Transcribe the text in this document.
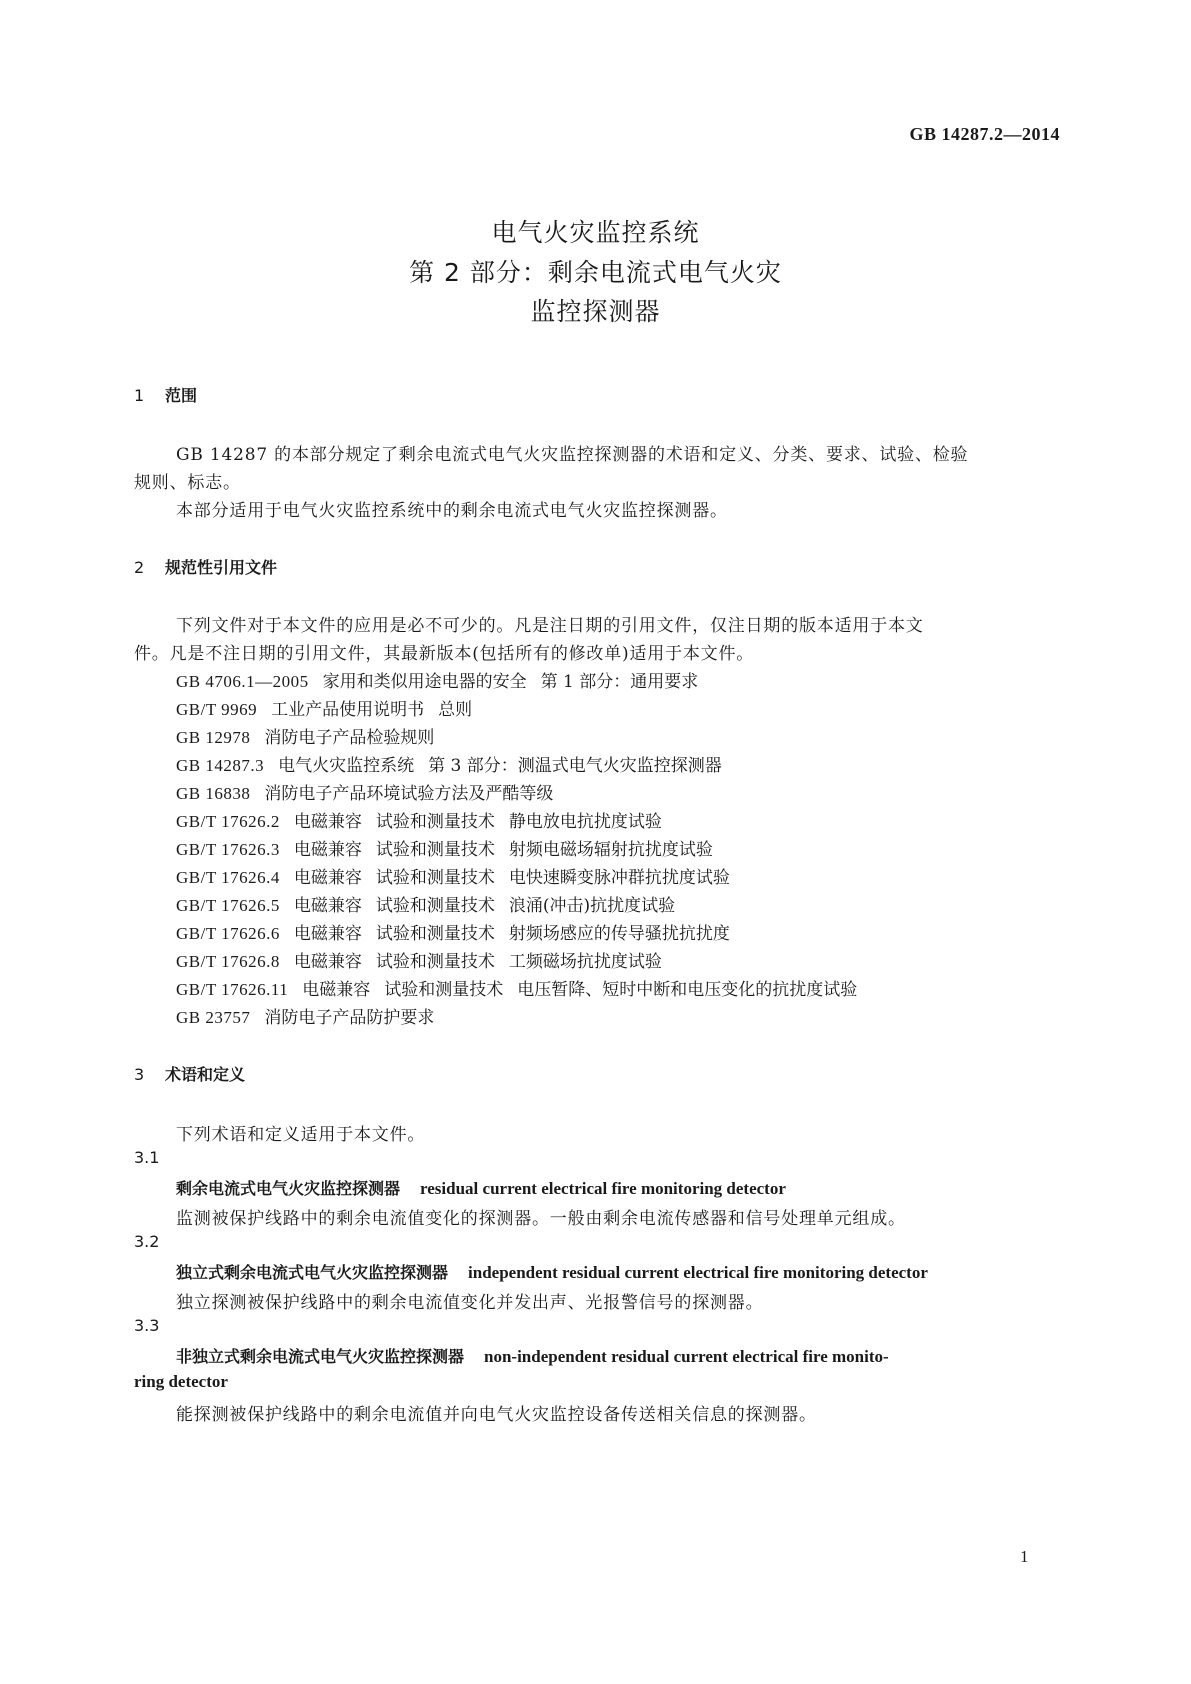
GB 14287.2—2014
电气火灾监控系统
第 2 部分：剩余电流式电气火灾
监控探测器
1 范围
GB 14287 的本部分规定了剩余电流式电气火灾监控探测器的术语和定义、分类、要求、试验、检验
规则、标志。
本部分适用于电气火灾监控系统中的剩余电流式电气火灾监控探测器。
2 规范性引用文件
下列文件对于本文件的应用是必不可少的。凡是注日期的引用文件，仅注日期的版本适用于本文
件。凡是不注日期的引用文件，其最新版本(包括所有的修改单)适用于本文件。
GB 4706.1—2005 家用和类似用途电器的安全 第 1 部分：通用要求
GB/T 9969 工业产品使用说明书 总则
GB 12978 消防电子产品检验规则
GB 14287.3 电气火灾监控系统 第 3 部分：测温式电气火灾监控探测器
GB 16838 消防电子产品环境试验方法及严酷等级
GB/T 17626.2 电磁兼容 试验和测量技术 静电放电抗扰度试验
GB/T 17626.3 电磁兼容 试验和测量技术 射频电磁场辐射抗扰度试验
GB/T 17626.4 电磁兼容 试验和测量技术 电快速瞬变脉冲群抗扰度试验
GB/T 17626.5 电磁兼容 试验和测量技术 浪涌(冲击)抗扰度试验
GB/T 17626.6 电磁兼容 试验和测量技术 射频场感应的传导骚扰抗扰度
GB/T 17626.8 电磁兼容 试验和测量技术 工频磁场抗扰度试验
GB/T 17626.11 电磁兼容 试验和测量技术 电压暂降、短时中断和电压变化的抗扰度试验
GB 23757 消防电子产品防护要求
3 术语和定义
下列术语和定义适用于本文件。
3.1
剩余电流式电气火灾监控探测器 residual current electrical fire monitoring detector
监测被保护线路中的剩余电流值变化的探测器。一般由剩余电流传感器和信号处理单元组成。
3.2
独立式剩余电流式电气火灾监控探测器 independent residual current electrical fire monitoring detector
独立探测被保护线路中的剩余电流值变化并发出声、光报警信号的探测器。
3.3
非独立式剩余电流式电气火灾监控探测器 non-independent residual current electrical fire monito-
ring detector
能探测被保护线路中的剩余电流值并向电气火灾监控设备传送相关信息的探测器。
1
